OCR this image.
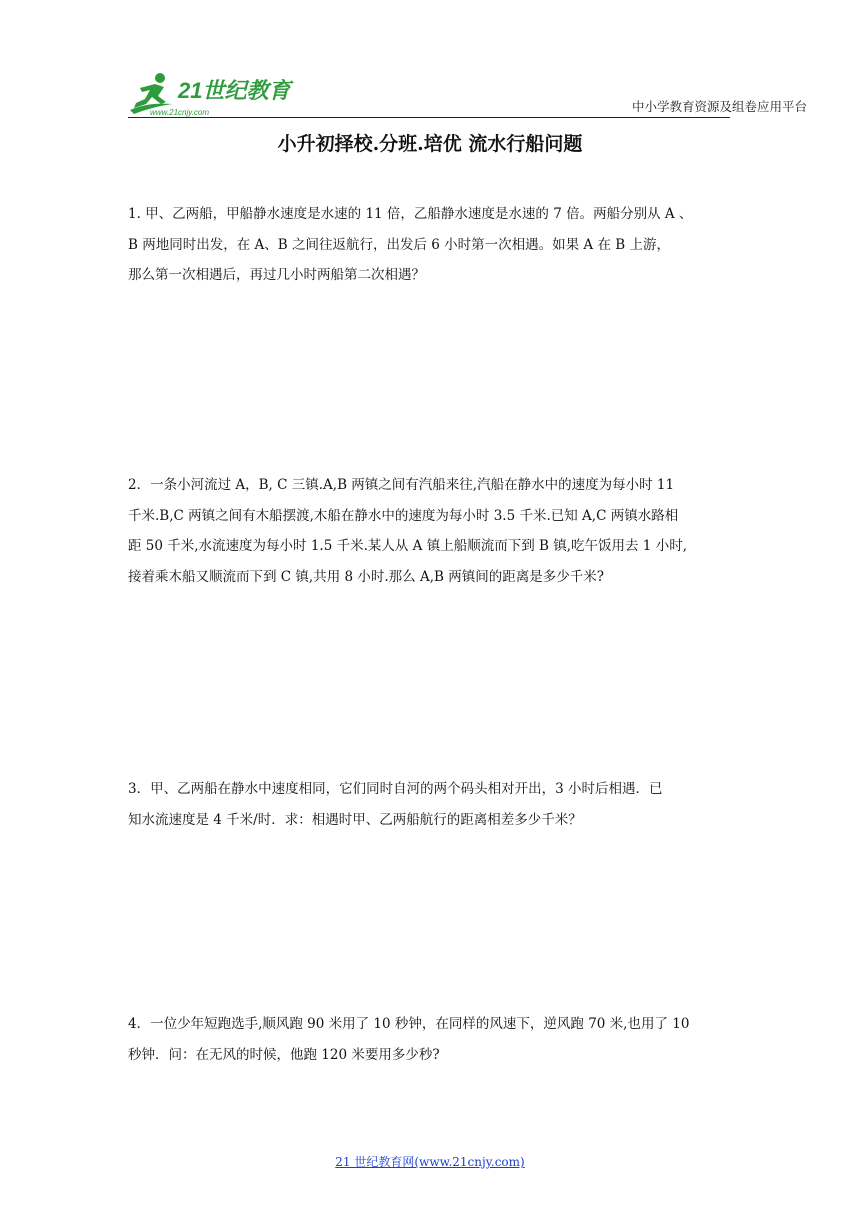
21世纪教育
www.21cnjy.com	中小学教育资源及组卷应用平台
小升初择校.分班.培优 流水行船问题
1. 甲、乙两船，甲船静水速度是水速的 11 倍，乙船静水速度是水速的 7 倍。两船分别从 A 、
B 两地同时出发，在 A、B 之间往返航行，出发后 6 小时第一次相遇。如果 A 在 B 上游，
那么第一次相遇后，再过几小时两船第二次相遇？
2．一条小河流过 A，B, C 三镇.A,B 两镇之间有汽船来往,汽船在静水中的速度为每小时 11
千米.B,C 两镇之间有木船摆渡,木船在静水中的速度为每小时 3.5 千米.已知 A,C 两镇水路相
距 50 千米,水流速度为每小时 1.5 千米.某人从 A 镇上船顺流而下到 B 镇,吃午饭用去 1 小时,
接着乘木船又顺流而下到 C 镇,共用 8 小时.那么 A,B 两镇间的距离是多少千米?
3．甲、乙两船在静水中速度相同，它们同时自河的两个码头相对开出，3 小时后相遇．已
知水流速度是 4 千米/时．求：相遇时甲、乙两船航行的距离相差多少千米？
4．一位少年短跑选手,顺风跑 90 米用了 10 秒钟，在同样的风速下，逆风跑 70 米,也用了 10
秒钟．问：在无风的时候，他跑 120 米要用多少秒?
21 世纪教育网(www.21cnjy.com)
